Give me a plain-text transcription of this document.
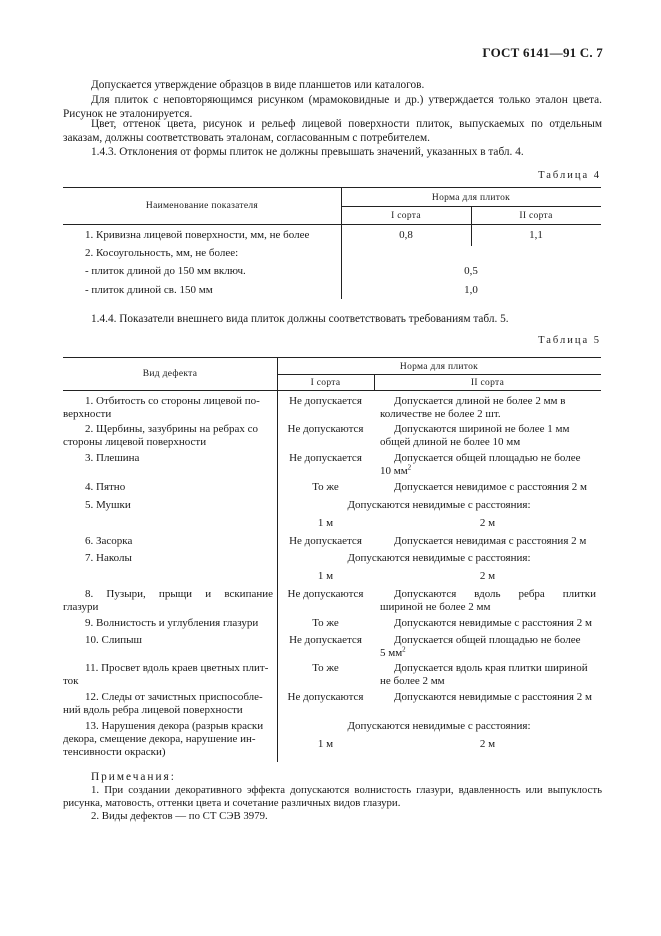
ГОСТ 6141—91 С. 7
Допускается утверждение образцов в виде планшетов или каталогов.
Для плиток с неповторяющимся рисунком (мрамоковидные и др.) утверждается только эталон цвета. Рисунок не эталонируется.
Цвет, оттенок цвета, рисунок и рельеф лицевой поверхности плиток, выпускаемых по отдельным заказам, должны соответствовать эталонам, согласованным с потребителем.
1.4.3. Отклонения от формы плиток не должны превышать значений, указанных в табл. 4.
Таблица 4
Наименование показателя
Норма для плиток
I сорта	II сорта
1. Кривизна лицевой поверхности, мм, не более	0,8	1,1
2. Косоугольность, мм, не более:
- плиток длиной до 150 мм включ.	0,5
- плиток длиной св. 150 мм	1,0
1.4.4. Показатели внешнего вида плиток должны соответствовать требованиям табл. 5.
Таблица 5
Вид дефекта
Норма для плиток
I сорта	II сорта
1. Отбитость со стороны лицевой по-
верхности
Не допускается	Допускается длиной не более 2 мм в
количестве не более 2 шт.
2. Щербины, зазубрины на ребрах со
стороны лицевой поверхности
Не допускаются	Допускаются шириной не более 1 мм
общей длиной не более 10 мм
3. Плешина	Не допускается	Допускается общей площадью не более
10 $мм^2$
4. Пятно	То же	Допускается невидимое с расстояния 2 м
5. Мушки	Допускаются невидимые с расстояния:
1 м	2 м
6. Засорка	Не допускается	Допускается невидимая с расстояния 2 м
7. Наколы	Допускаются невидимые с расстояния:
1 м	2 м
8. Пузыри, прыщи и вскипание
глазури
Не допускаются	Допускаются вдоль ребра плитки
шириной не более 2 мм
9. Волнистость и углубления глазури	То же	Допускаются невидимые с расстояния 2 м
10. Слипыш	Не допускается	Допускается общей площадью не более
5 $мм^2$
11. Просвет вдоль краев цветных плит-
ток
То же	Допускается вдоль края плитки шириной
не более 2 мм
12. Следы от зачистных приспособле-
ний вдоль ребра лицевой поверхности
Не допускаются	Допускаются невидимые с расстояния 2 м
13. Нарушения декора (разрыв краски
декора, смещение декора, нарушение ин-
тенсивности окраски)
Допускаются невидимые с расстояния:
1 м	2 м
Примечания:
1. При создании декоративного эффекта допускаются волнистость глазури, вдавленность или выпуклость рисунка, матовость, оттенки цвета и сочетание различных видов глазури.
2. Виды дефектов — по СТ СЭВ 3979.
